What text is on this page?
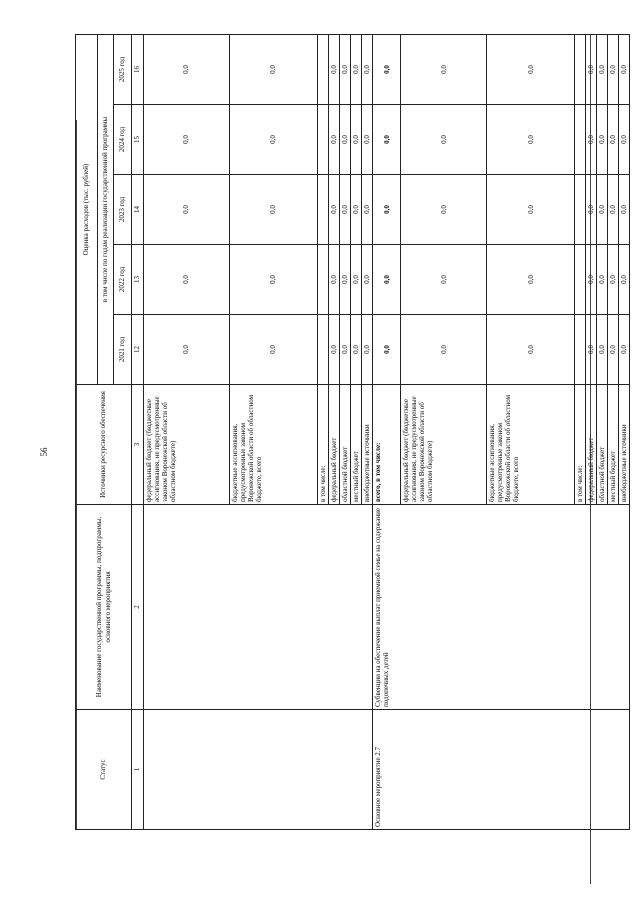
56
Статус	Наименование государственной программы, подпрограммы, основного мероприятия	Источники ресурсного обеспечения	Оценка расходов (тыс. рублей)				
			в том числе по годам реализации государственной программы				
			2021 год	2022 год	2023 год	2024 год	2025 год
1	2	3	12	13	14	15	16
		федеральный бюджет (бюджетные ассигнования, не предусмотренные законом Воронежской области об областном бюджете)	0,0	0,0	0,0	0,0	0,0
		бюджетные ассигнования, предусмотренные законом Воронежской области об областном бюджете, всего	0,0	0,0	0,0	0,0	0,0
		в том числе:					
		федеральный бюджет	0,0	0,0	0,0	0,0	0,0
		областной бюджет	0,0	0,0	0,0	0,0	0,0
		местный бюджет	0,0	0,0	0,0	0,0	0,0
		внебюджетные источники	0,0	0,0	0,0	0,0	0,0
Основное мероприятие 2.7	Субвенции на обеспечение выплат приемной семье на содержание подопечных детей	всего, в том числе:	0,0	0,0	0,0	0,0	0,0
		федеральный бюджет (бюджетные ассигнования, не предусмотренные законом Воронежской области об областном бюджете)	0,0	0,0	0,0	0,0	0,0
		бюджетные ассигнования, предусмотренные законом Воронежской области об областном бюджете, всего	0,0	0,0	0,0	0,0	0,0
		в том числе:					
		федеральный бюджет	0,0	0,0	0,0	0,0	0,0
		областной бюджет	0,0	0,0	0,0	0,0	0,0
		местный бюджет	0,0	0,0	0,0	0,0	0,0
		внебюджетные источники	0,0	0,0	0,0	0,0	0,0
